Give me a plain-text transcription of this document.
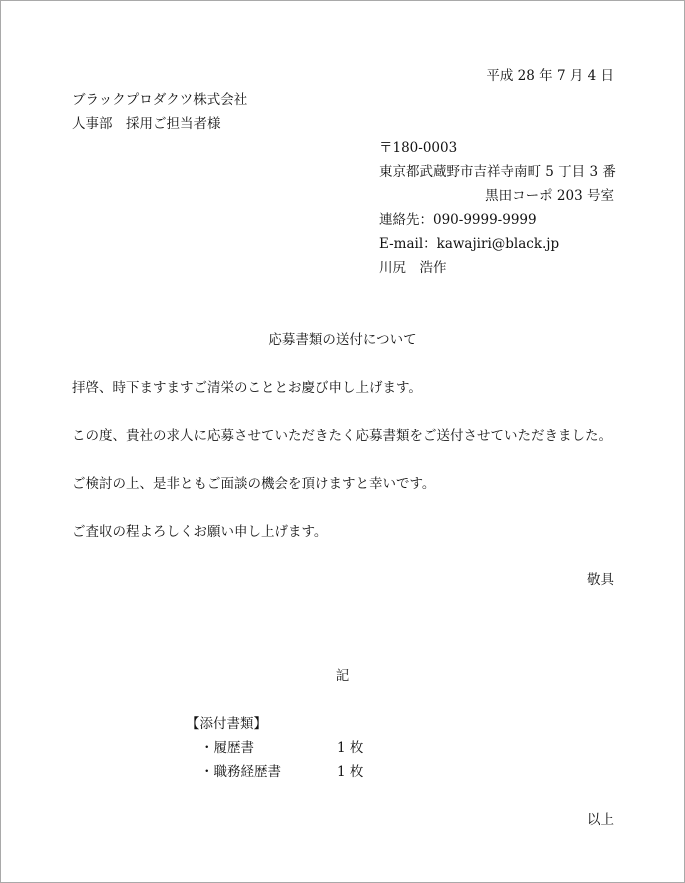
平成 28 年 7 月 4 日
ブラックプロダクツ株式会社
人事部　採用ご担当者様
〒180-0003
東京都武蔵野市吉祥寺南町 5 丁目 3 番
黒田コーポ 203 号室
連絡先：090-9999-9999
E-mail：kawajiri@black.jp
川尻　浩作
応募書類の送付について
拝啓、時下ますますご清栄のこととお慶び申し上げます。
この度、貴社の求人に応募させていただきたく応募書類をご送付させていただきました。
ご検討の上、是非ともご面談の機会を頂けますと幸いです。
ご査収の程よろしくお願い申し上げます。
敬具
記
【添付書類】
・履歴書	1 枚
・職務経歴書	1 枚
以上
